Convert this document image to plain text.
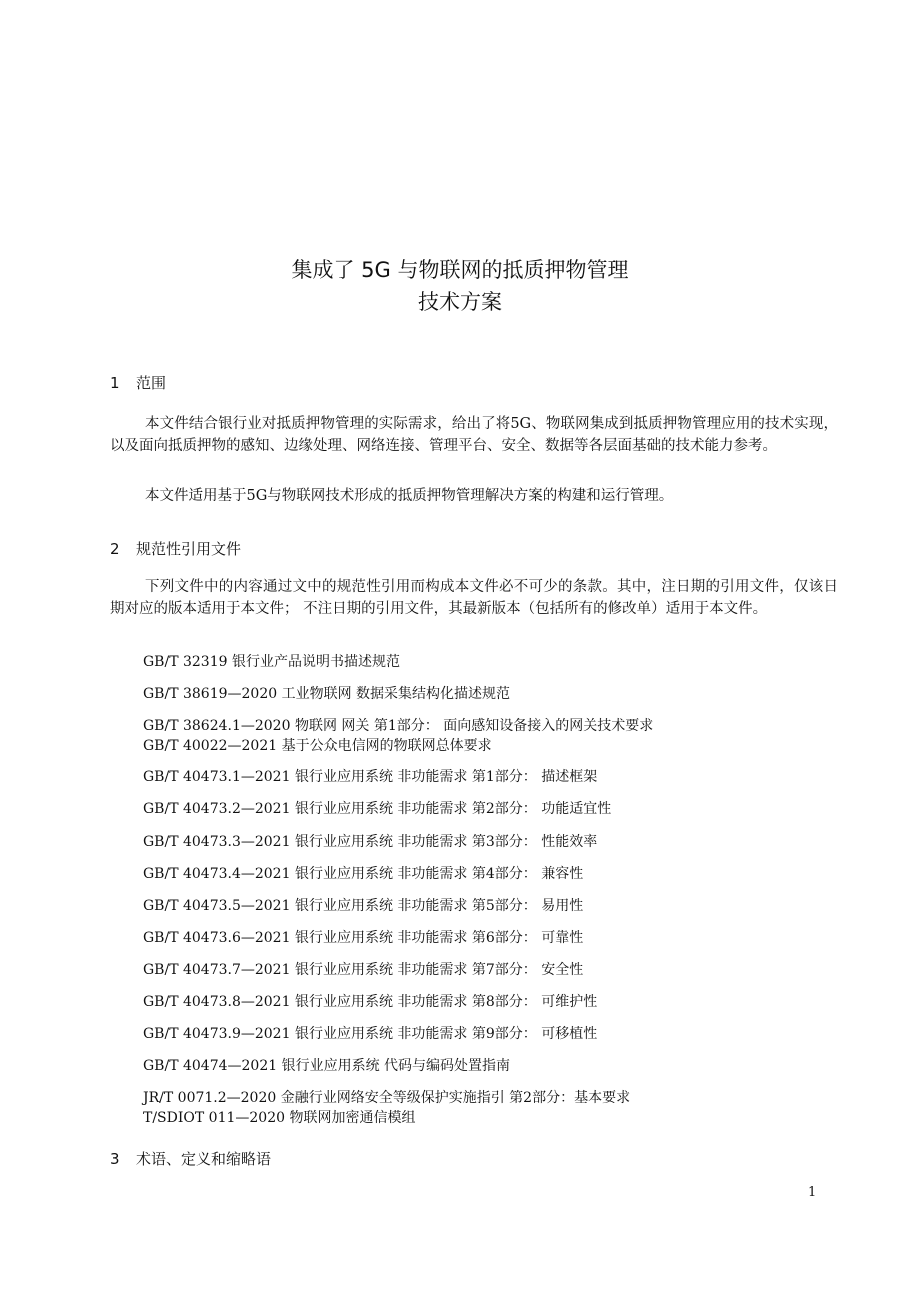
集成了 5G 与物联网的抵质押物管理
技术方案
1 范围

本文件结合银行业对抵质押物管理的实际需求，给出了将5G、物联网集成到抵质押物管理应用的技术实现，以及面向抵质押物的感知、边缘处理、网络连接、管理平台、安全、数据等各层面基础的技术能力参考。

本文件适用基于5G与物联网技术形成的抵质押物管理解决方案的构建和运行管理。

2 规范性引用文件

下列文件中的内容通过文中的规范性引用而构成本文件必不可少的条款。其中，注日期的引用文件，仅该日期对应的版本适用于本文件； 不注日期的引用文件，其最新版本（包括所有的修改单）适用于本文件。

GB/T 32319 银行业产品说明书描述规范
GB/T 38619—2020 工业物联网 数据采集结构化描述规范
GB/T 38624.1—2020 物联网 网关 第1部分： 面向感知设备接入的网关技术要求
GB/T 40022—2021 基于公众电信网的物联网总体要求
GB/T 40473.1—2021 银行业应用系统 非功能需求 第1部分： 描述框架
GB/T 40473.2—2021 银行业应用系统 非功能需求 第2部分： 功能适宜性
GB/T 40473.3—2021 银行业应用系统 非功能需求 第3部分： 性能效率
GB/T 40473.4—2021 银行业应用系统 非功能需求 第4部分： 兼容性
GB/T 40473.5—2021 银行业应用系统 非功能需求 第5部分： 易用性
GB/T 40473.6—2021 银行业应用系统 非功能需求 第6部分： 可靠性
GB/T 40473.7—2021 银行业应用系统 非功能需求 第7部分： 安全性
GB/T 40473.8—2021 银行业应用系统 非功能需求 第8部分： 可维护性
GB/T 40473.9—2021 银行业应用系统 非功能需求 第9部分： 可移植性
GB/T 40474—2021 银行业应用系统 代码与编码处置指南
JR/T 0071.2—2020 金融行业网络安全等级保护实施指引 第2部分：基本要求
T/SDIOT 011—2020 物联网加密通信模组
3 术语、定义和缩略语
1
